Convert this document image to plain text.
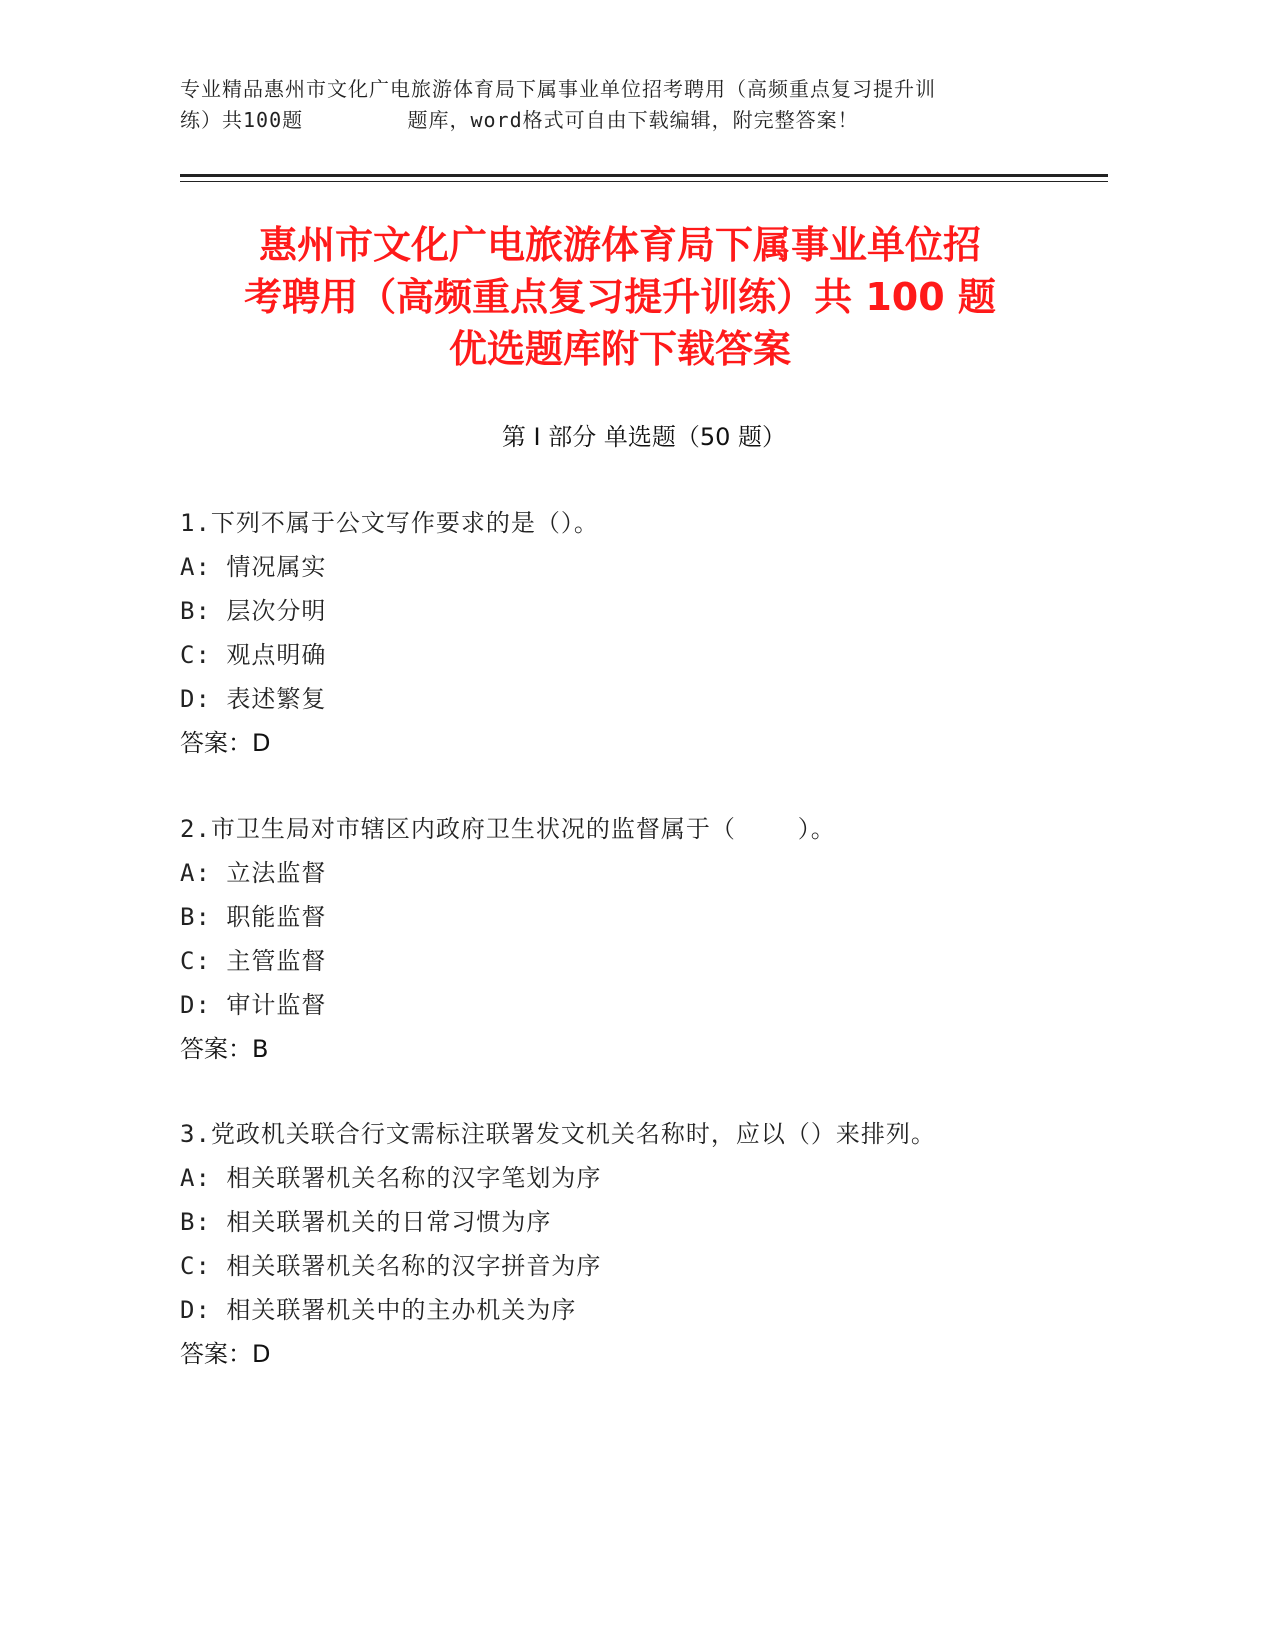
专业精品惠州市文化广电旅游体育局下属事业单位招考聘用（高频重点复习提升训
练）共100题        题库，word格式可自由下载编辑，附完整答案！
惠州市文化广电旅游体育局下属事业单位招
考聘用（高频重点复习提升训练）共 100 题
优选题库附下载答案
第 I 部分 单选题（50 题）
1.下列不属于公文写作要求的是（）。
A: 情况属实
B: 层次分明
C: 观点明确
D: 表述繁复
答案：D
2.市卫生局对市辖区内政府卫生状况的监督属于（    ）。
A: 立法监督
B: 职能监督
C: 主管监督
D: 审计监督
答案：B
3.党政机关联合行文需标注联署发文机关名称时，应以（）来排列。
A: 相关联署机关名称的汉字笔划为序
B: 相关联署机关的日常习惯为序
C: 相关联署机关名称的汉字拼音为序
D: 相关联署机关中的主办机关为序
答案：D
